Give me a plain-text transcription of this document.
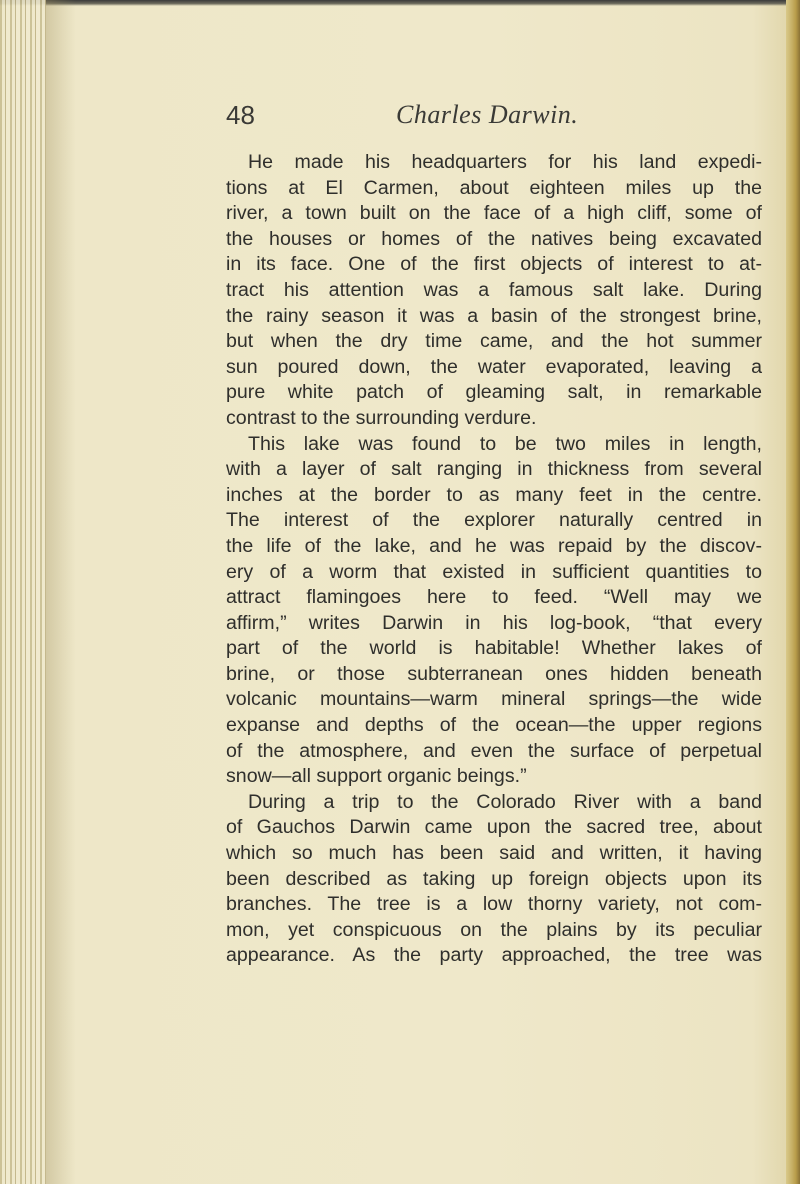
48	Charles Darwin.
He made his headquarters for his land expedi-
tions at El Carmen, about eighteen miles up the
river, a town built on the face of a high cliff, some of
the houses or homes of the natives being excavated
in its face. One of the first objects of interest to at-
tract his attention was a famous salt lake. During
the rainy season it was a basin of the strongest brine,
but when the dry time came, and the hot summer
sun poured down, the water evaporated, leaving a
pure white patch of gleaming salt, in remarkable
contrast to the surrounding verdure.
This lake was found to be two miles in length,
with a layer of salt ranging in thickness from several
inches at the border to as many feet in the centre.
The interest of the explorer naturally centred in
the life of the lake, and he was repaid by the discov-
ery of a worm that existed in sufficient quantities to
attract flamingoes here to feed. “Well may we
affirm,” writes Darwin in his log-book, “that every
part of the world is habitable! Whether lakes of
brine, or those subterranean ones hidden beneath
volcanic mountains—warm mineral springs—the wide
expanse and depths of the ocean—the upper regions
of the atmosphere, and even the surface of perpetual
snow—all support organic beings.”
During a trip to the Colorado River with a band
of Gauchos Darwin came upon the sacred tree, about
which so much has been said and written, it having
been described as taking up foreign objects upon its
branches. The tree is a low thorny variety, not com-
mon, yet conspicuous on the plains by its peculiar
appearance. As the party approached, the tree was
